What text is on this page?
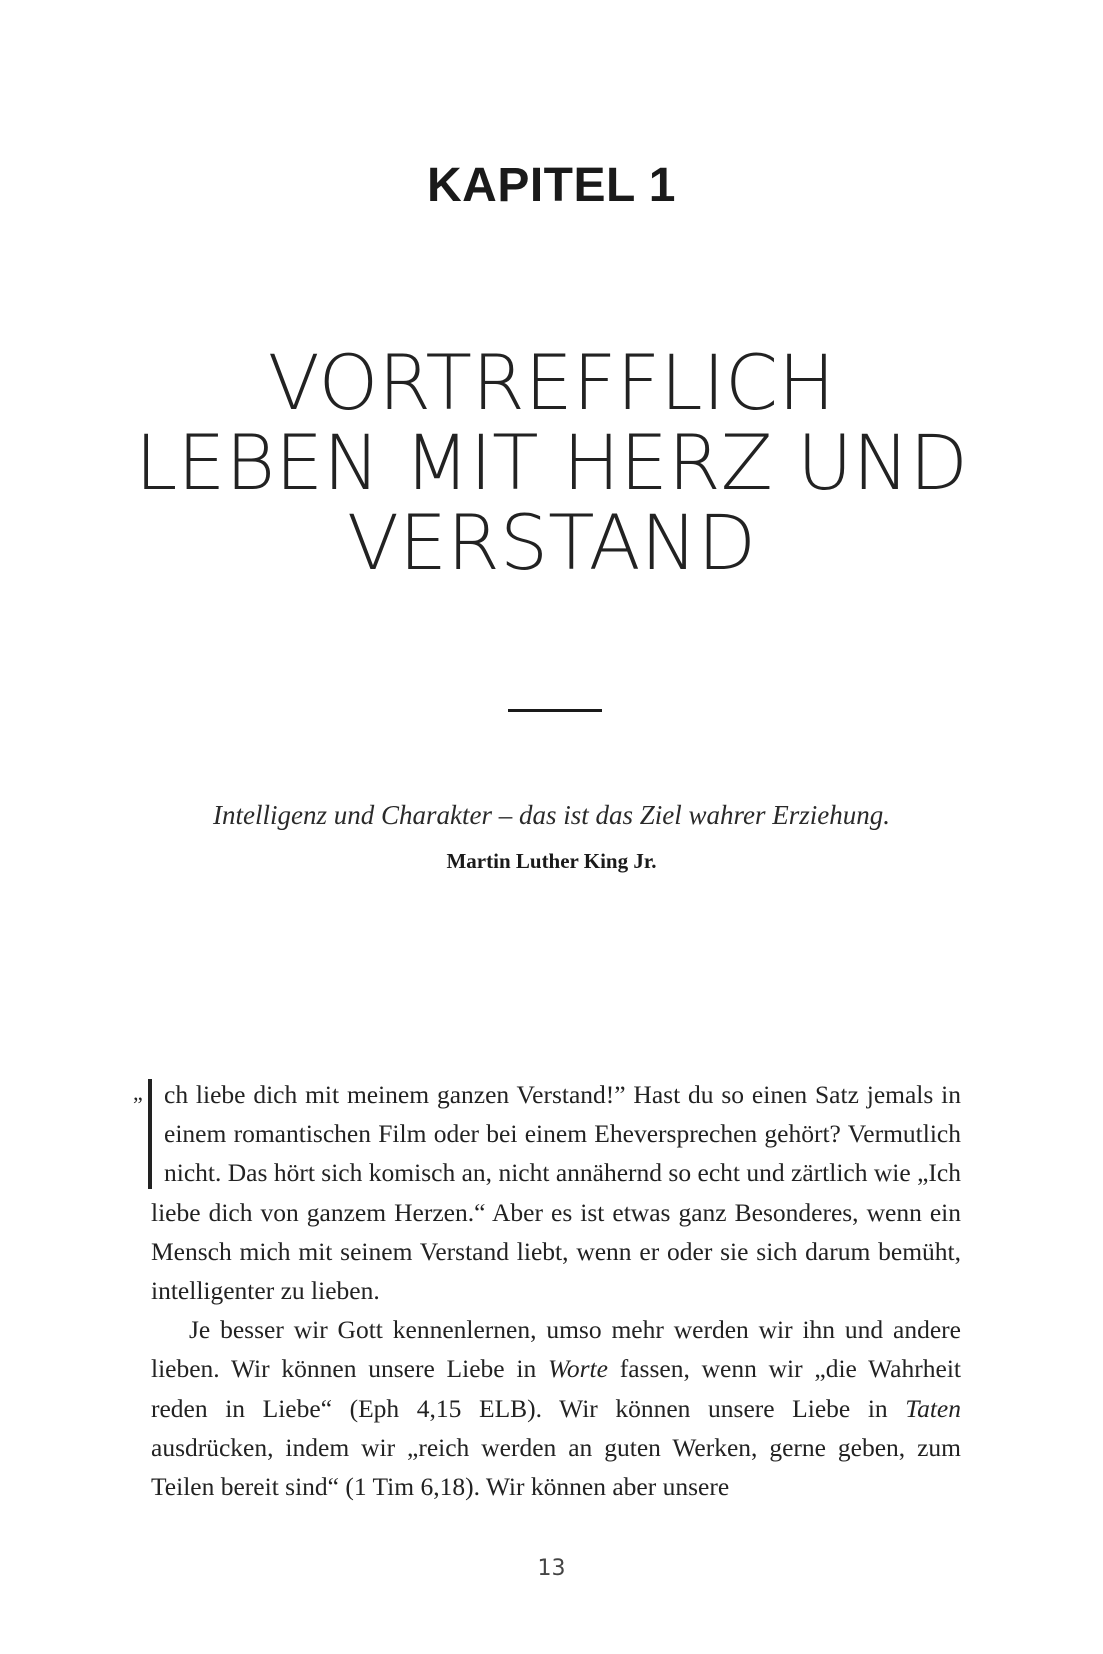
KAPITEL 1
VORTREFFLICH
LEBEN MIT HERZ UND
VERSTAND
Intelligenz und Charakter – das ist das Ziel wahrer Erziehung.
Martin Luther King Jr.

„ ch liebe dich mit meinem ganzen Verstand!” Hast du so einen Satz jemals in einem romantischen Film oder bei einem Eheversprechen gehört? Vermutlich nicht. Das hört sich komisch an, nicht annähernd so echt und zärtlich wie „Ich liebe dich von ganzem Herzen.“ Aber es ist etwas ganz Besonderes, wenn ein Mensch mich mit seinem Verstand liebt, wenn er oder sie sich darum bemüht, intelligenter zu lieben.

Je besser wir Gott kennenlernen, umso mehr werden wir ihn und andere lieben. Wir können unsere Liebe in Worte fassen, wenn wir „die Wahrheit reden in Liebe“ (Eph 4,15 ELB). Wir können unsere Liebe in Taten ausdrücken, indem wir „reich werden an guten Werken, gerne geben, zum Teilen bereit sind“ (1 Tim 6,18). Wir können aber unsere

13
